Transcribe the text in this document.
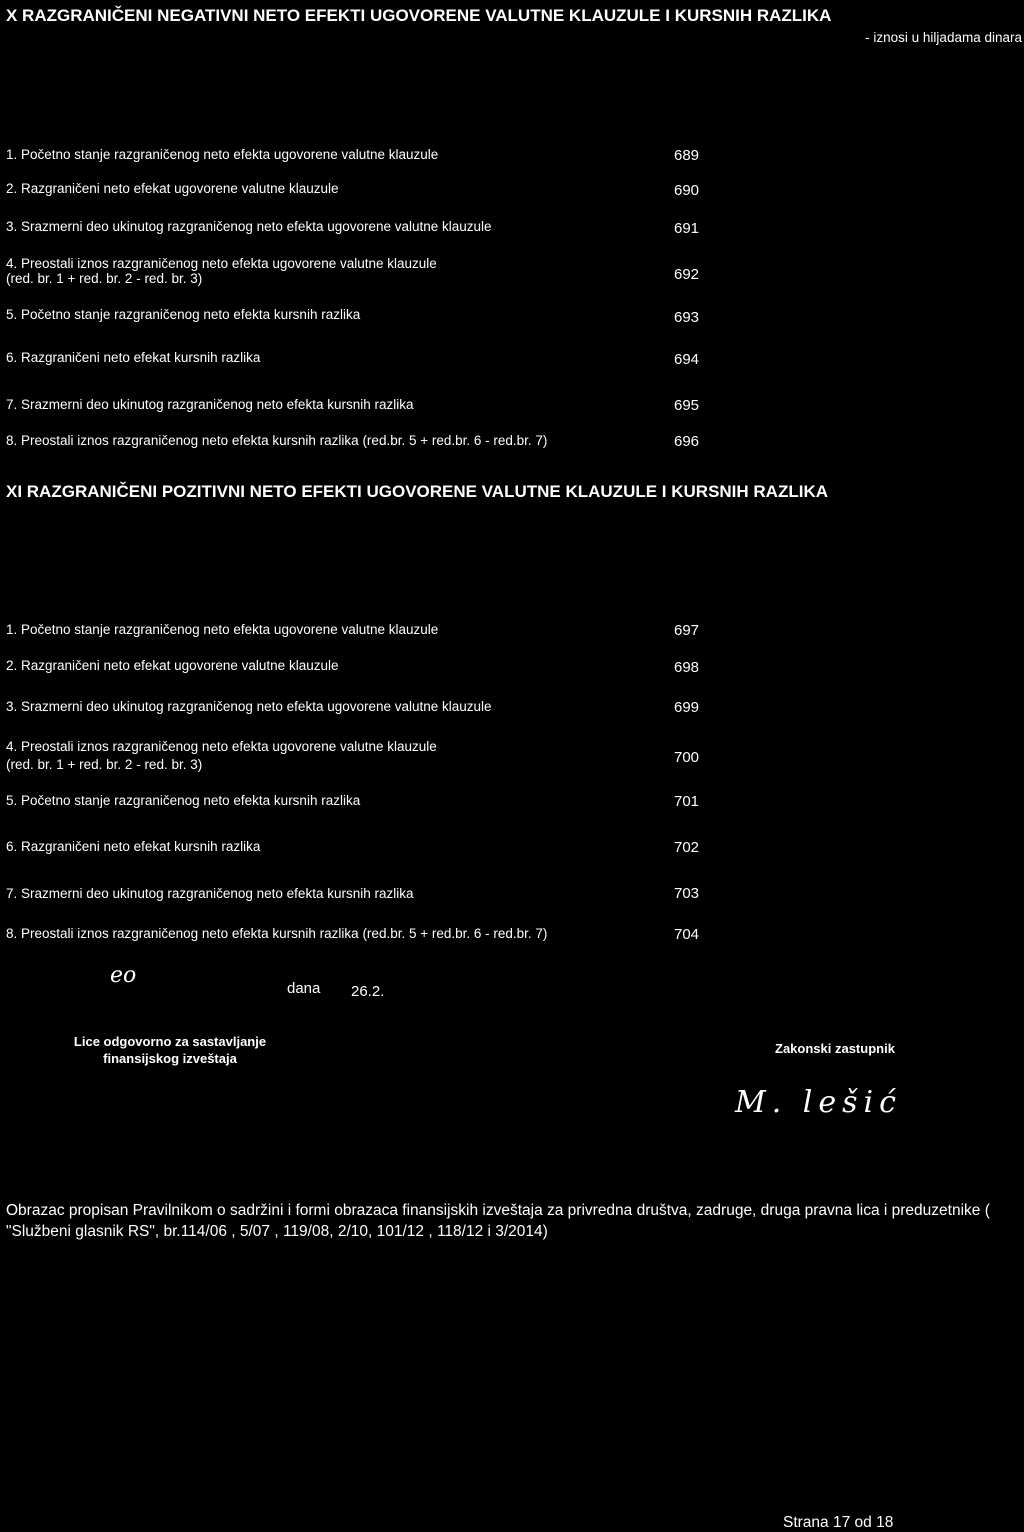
X RAZGRANIČENI NEGATIVNI NETO EFEKTI UGOVORENE VALUTNE KLAUZULE I KURSNIH RAZLIKA
- iznosi u hiljadama dinara
1. Početno stanje razgraničenog neto efekta ugovorene valutne klauzule	689
2. Razgraničeni neto efekat ugovorene valutne klauzule	690
3. Srazmerni deo ukinutog razgraničenog neto efekta ugovorene valutne klauzule	691
4. Preostali iznos razgraničenog neto efekta ugovorene valutne klauzule
(red. br. 1 + red. br. 2 - red. br. 3)	692
5. Početno stanje razgraničenog neto efekta kursnih razlika	693
6. Razgraničeni neto efekat kursnih razlika	694
7. Srazmerni deo ukinutog razgraničenog neto efekta kursnih razlika	695
8. Preostali iznos razgraničenog neto efekta kursnih razlika (red.br. 5 + red.br. 6 - red.br. 7)	696
XI RAZGRANIČENI POZITIVNI NETO EFEKTI UGOVORENE VALUTNE KLAUZULE I KURSNIH RAZLIKA
1. Početno stanje razgraničenog neto efekta ugovorene valutne klauzule	697
2. Razgraničeni neto efekat ugovorene valutne klauzule	698
3. Srazmerni deo ukinutog razgraničenog neto efekta ugovorene valutne klauzule	699
4. Preostali iznos razgraničenog neto efekta ugovorene valutne klauzule
(red. br. 1 + red. br. 2 - red. br. 3)	700
5. Početno stanje razgraničenog neto efekta kursnih razlika	701
6. Razgraničeni neto efekat kursnih razlika	702
7. Srazmerni deo ukinutog razgraničenog neto efekta kursnih razlika	703
8. Preostali iznos razgraničenog neto efekta kursnih razlika (red.br. 5 + red.br. 6 - red.br. 7)	704
eo
dana 26.2.
Lice odgovorno za sastavljanje
finansijskog izveštaja
Zakonski zastupnik
M. lešić
Obrazac propisan Pravilnikom o sadržini i formi obrazaca finansijskih izveštaja za privredna društva, zadruge, druga pravna lica i preduzetnike ( "Službeni glasnik RS", br.114/06 , 5/07 , 119/08, 2/10, 101/12 , 118/12 i 3/2014)
Strana 17 od 18
